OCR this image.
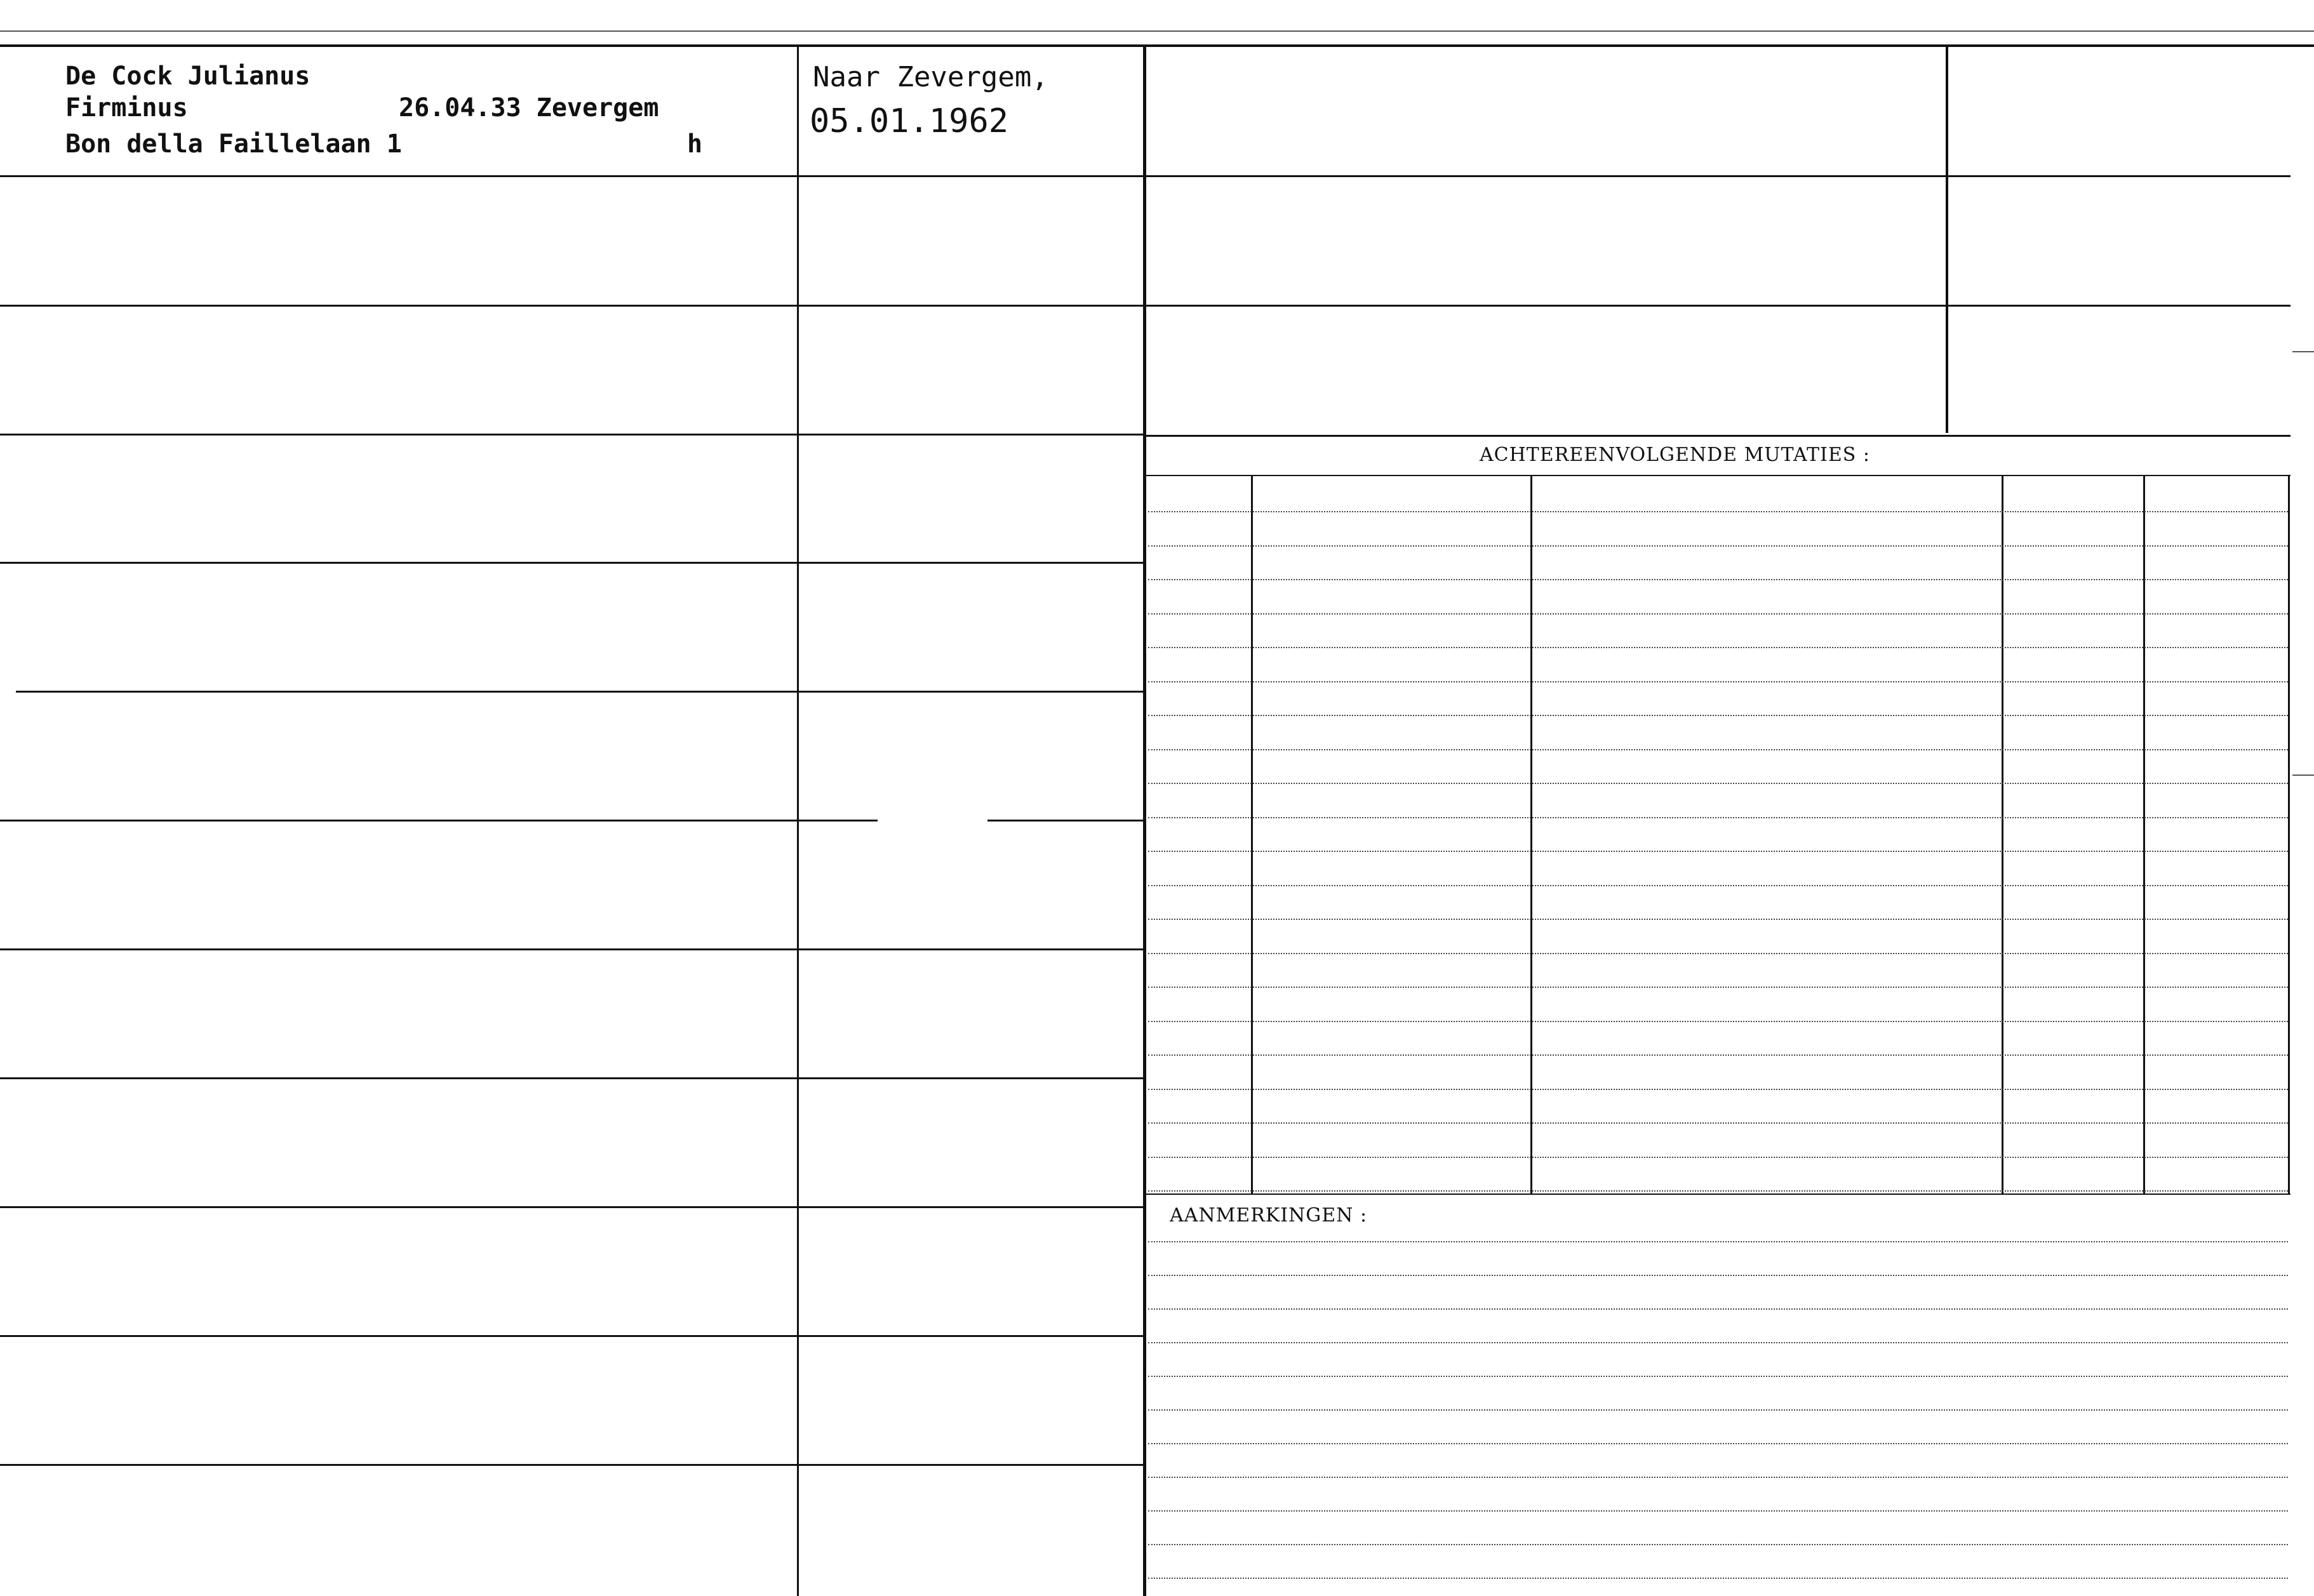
De Cock Julianus
Firminus	26.04.33 Zevergem
Bon della Faillelaan 1	h
Naar Zevergem,
05.01.1962
ACHTEREENVOLGENDE MUTATIES :
AANMERKINGEN :
